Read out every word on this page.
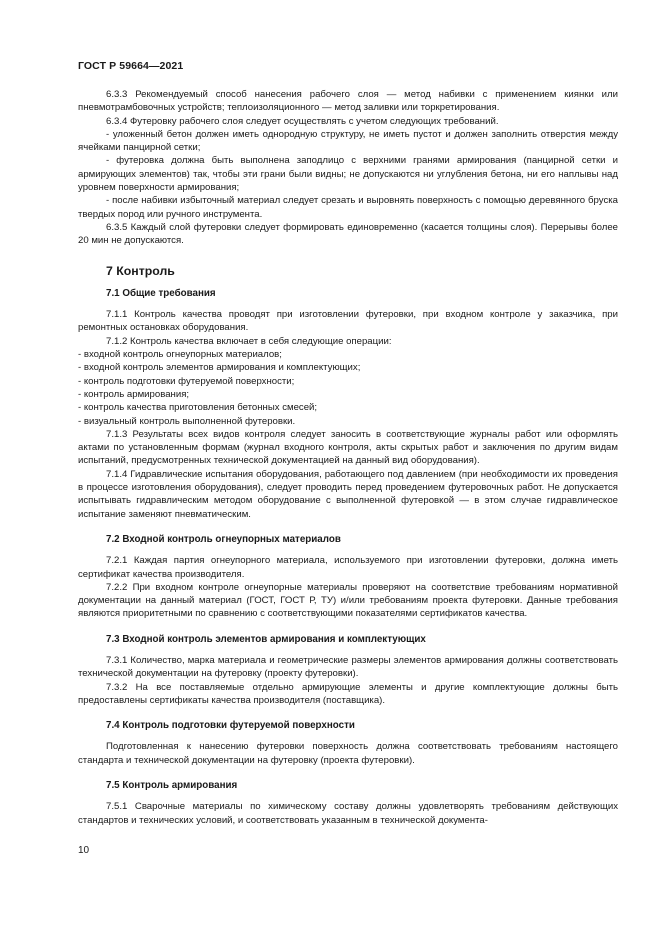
ГОСТ Р 59664—2021

6.3.3 Рекомендуемый способ нанесения рабочего слоя — метод набивки с применением киянки или пневмотрамбовочных устройств; теплоизоляционного — метод заливки или торкретирования.

6.3.4 Футеровку рабочего слоя следует осуществлять с учетом следующих требований.

- уложенный бетон должен иметь однородную структуру, не иметь пустот и должен заполнить отверстия между ячейками панцирной сетки;

- футеровка должна быть выполнена заподлицо с верхними гранями армирования (панцирной сетки и армирующих элементов) так, чтобы эти грани были видны; не допускаются ни углубления бетона, ни его наплывы над уровнем поверхности армирования;

- после набивки избыточный материал следует срезать и выровнять поверхность с помощью деревянного бруска твердых пород или ручного инструмента.

6.3.5 Каждый слой футеровки следует формировать единовременно (касается толщины слоя). Перерывы более 20 мин не допускаются.

7 Контроль
7.1 Общие требования

7.1.1 Контроль качества проводят при изготовлении футеровки, при входном контроле у заказчика, при ремонтных остановках оборудования.

7.1.2 Контроль качества включает в себя следующие операции:

- входной контроль огнеупорных материалов;

- входной контроль элементов армирования и комплектующих;

- контроль подготовки футеруемой поверхности;

- контроль армирования;

- контроль качества приготовления бетонных смесей;

- визуальный контроль выполненной футеровки.

7.1.3 Результаты всех видов контроля следует заносить в соответствующие журналы работ или оформлять актами по установленным формам (журнал входного контроля, акты скрытых работ и заключения по другим видам испытаний, предусмотренных технической документацией на данный вид оборудования).

7.1.4 Гидравлические испытания оборудования, работающего под давлением (при необходимости их проведения в процессе изготовления оборудования), следует проводить перед проведением футеровочных работ. Не допускается испытывать гидравлическим методом оборудование с выполненной футеровкой — в этом случае гидравлическое испытание заменяют пневматическим.

7.2 Входной контроль огнеупорных материалов

7.2.1 Каждая партия огнеупорного материала, используемого при изготовлении футеровки, должна иметь сертификат качества производителя.

7.2.2 При входном контроле огнеупорные материалы проверяют на соответствие требованиям нормативной документации на данный материал (ГОСТ, ГОСТ Р, ТУ) и/или требованиям проекта футеровки. Данные требования являются приоритетными по сравнению с соответствующими показателями сертификатов качества.

7.3 Входной контроль элементов армирования и комплектующих

7.3.1 Количество, марка материала и геометрические размеры элементов армирования должны соответствовать технической документации на футеровку (проекту футеровки).

7.3.2 На все поставляемые отдельно армирующие элементы и другие комплектующие должны быть предоставлены сертификаты качества производителя (поставщика).

7.4 Контроль подготовки футеруемой поверхности

Подготовленная к нанесению футеровки поверхность должна соответствовать требованиям настоящего стандарта и технической документации на футеровку (проекта футеровки).

7.5 Контроль армирования

7.5.1 Сварочные материалы по химическому составу должны удовлетворять требованиям действующих стандартов и технических условий, и соответствовать указанным в технической документа-

10
